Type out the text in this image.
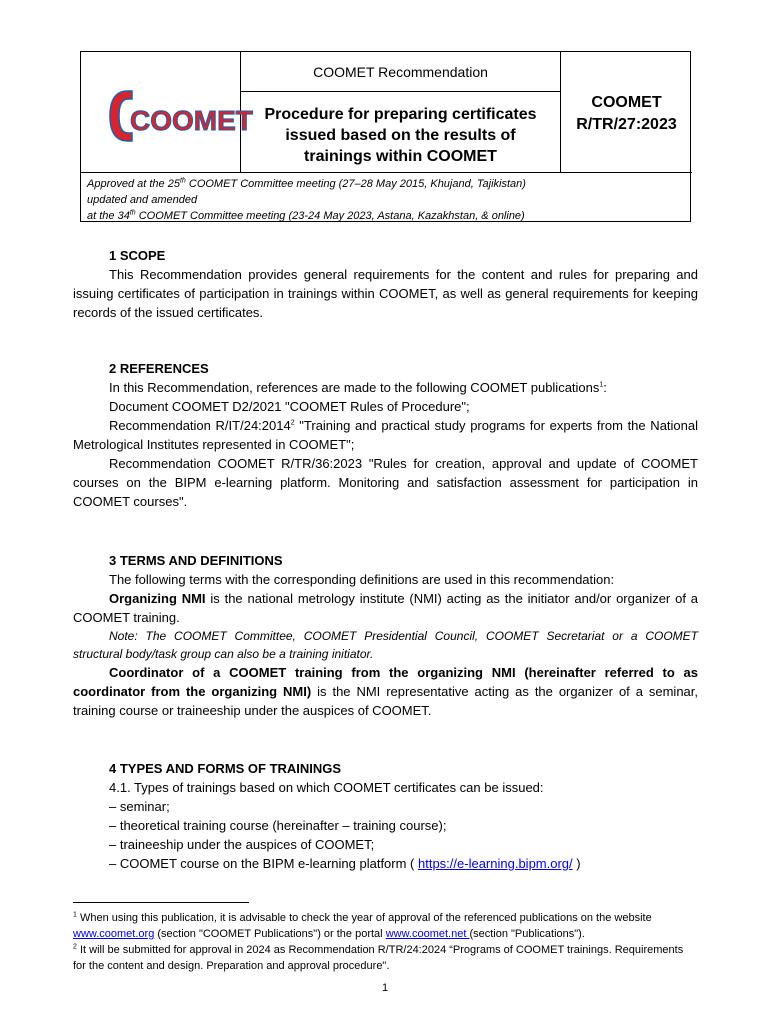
COOMET
COOMET Recommendation
Procedure for preparing certificates
issued based on the results of
trainings within COOMET
COOMET
R/TR/27:2023
Approved at the 25th COOMET Committee meeting (27–28 May 2015, Khujand, Tajikistan)
updated and amended
at the 34th COOMET Committee meeting (23-24 May 2023, Astana, Kazakhstan, & online)
1 SCOPE
This Recommendation provides general requirements for the content and rules for preparing and issuing certificates of participation in trainings within COOMET, as well as general requirements for keeping records of the issued certificates.
2 REFERENCES
In this Recommendation, references are made to the following COOMET publications$^1$:
Document COOMET D2/2021 "COOMET Rules of Procedure";
Recommendation R/IT/24:2014$^2$ "Training and practical study programs for experts from the National Metrological Institutes represented in COOMET";
Recommendation COOMET R/TR/36:2023 "Rules for creation, approval and update of COOMET courses on the BIPM e-learning platform. Monitoring and satisfaction assessment for participation in COOMET courses".
3 TERMS AND DEFINITIONS
The following terms with the corresponding definitions are used in this recommendation:
Organizing NMI is the national metrology institute (NMI) acting as the initiator and/or organizer of a COOMET training.
Note: The COOMET Committee, COOMET Presidential Council, COOMET Secretariat or a COOMET structural body/task group can also be a training initiator.
Coordinator of a COOMET training from the organizing NMI (hereinafter referred to as coordinator from the organizing NMI) is the NMI representative acting as the organizer of a seminar, training course or traineeship under the auspices of COOMET.
4 TYPES AND FORMS OF TRAININGS
4.1. Types of trainings based on which COOMET certificates can be issued:
– seminar;
– theoretical training course (hereinafter – training course);
– traineeship under the auspices of COOMET;
– COOMET course on the BIPM e-learning platform ( https://e-learning.bipm.org/ )
$^1$ When using this publication, it is advisable to check the year of approval of the referenced publications on the website www.coomet.org (section "COOMET Publications") or the portal www.coomet.net (section "Publications").
$^2$ It will be submitted for approval in 2024 as Recommendation R/TR/24:2024 “Programs of COOMET trainings. Requirements for the content and design. Preparation and approval procedure".
1
